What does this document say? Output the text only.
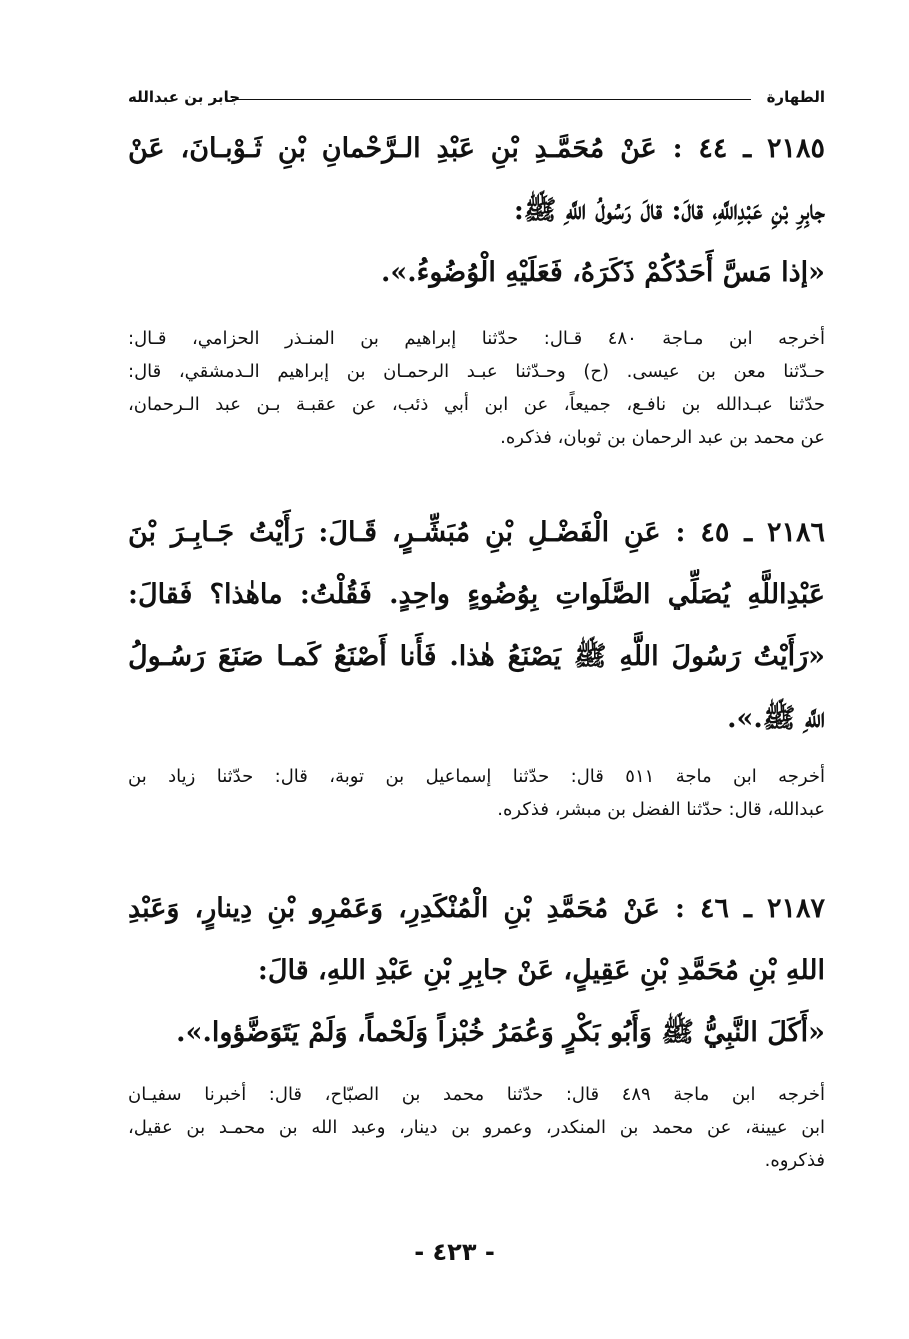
الطهارة
جابر بن عبدالله
٢١٨٥ ـ ٤٤ : عَنْ مُحَمَّـدِ بْنِ عَبْدِ الـرَّحْمانِ بْنِ ثَـوْبـانَ، عَنْ
جابِرِ بْنِ عَبْدِاللَّهِ، قالَ: قالَ رَسُولُ اللَّهِ ﷺ:
«إذا مَسَّ أَحَدُكُمْ ذَكَرَهُ، فَعَلَيْهِ الْوُضُوءُ.».
أخرجه ابن مـاجة ٤٨٠ قـال: حدّثنا إبراهيم بن المنـذر الحزامي، قـال:
حـدّثنا معن بن عيسى. (ح) وحـدّثنا عبـد الرحمـان بن إبراهيم الـدمشقي، قال:
حدّثنا عبـدالله بن نافـع، جميعاً، عن ابن أبي ذئب، عن عقبـة بـن عبد الـرحمان،
عن محمد بن عبد الرحمان بن ثوبان، فذكره.
٢١٨٦ ـ ٤٥ : عَنِ الْفَضْـلِ بْنِ مُبَشِّـرٍ، قَـالَ: رَأَيْتُ جَـابِـرَ بْنَ
عَبْدِاللَّهِ يُصَلِّي الصَّلَواتِ بِوُضُوءٍ واحِدٍ. فَقُلْتُ: ماهٰذا؟ فَقالَ:
«رَأَيْتُ رَسُولَ اللَّهِ ﷺ يَصْنَعُ هٰذا. فَأَنا أَصْنَعُ كَمـا صَنَعَ رَسُـولُ
اللَّهِ ﷺ.».
أخرجه ابن ماجة ٥١١ قال: حدّثنا إسماعيل بن توبة، قال: حدّثنا زياد بن
عبدالله، قال: حدّثنا الفضل بن مبشر، فذكره.
٢١٨٧ ـ ٤٦ : عَنْ مُحَمَّدِ بْنِ الْمُنْكَدِرِ، وَعَمْرِو بْنِ دِينارٍ، وَعَبْدِ
اللهِ بْنِ مُحَمَّدِ بْنِ عَقِيلٍ، عَنْ جابِرِ بْنِ عَبْدِ اللهِ، قالَ:
«أَكَلَ النَّبِيُّ ﷺ وَأَبُو بَكْرٍ وَعُمَرُ خُبْزاً وَلَحْماً، وَلَمْ يَتَوَضَّؤوا.».
أخرجه ابن ماجة ٤٨٩ قال: حدّثنا محمد بن الصبّاح، قال: أخبرنا سفيـان
ابن عيينة، عن محمد بن المنكدر، وعمرو بن دينار، وعبد الله بن محمـد بن عقيل،
فذكروه.
- ٤٢٣ -
